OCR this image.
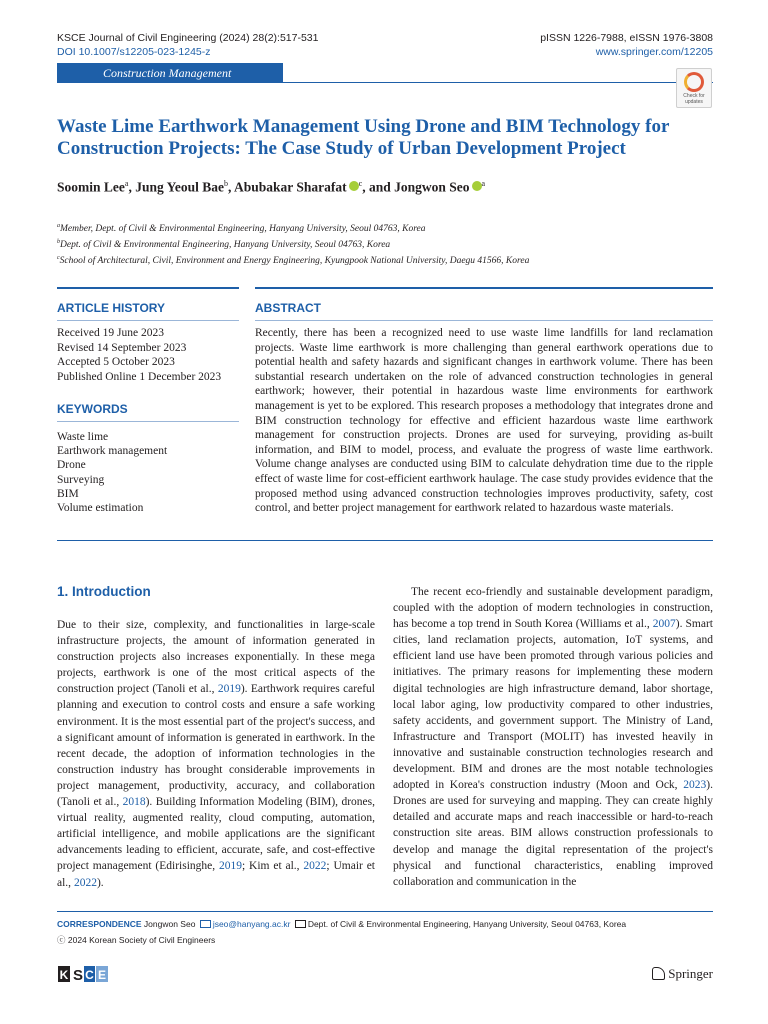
KSCE Journal of Civil Engineering (2024) 28(2):517-531
DOI 10.1007/s12205-023-1245-z
pISSN 1226-7988, eISSN 1976-3808
www.springer.com/12205
Construction Management
Check for updates
Waste Lime Earthwork Management Using Drone and BIM Technology for Construction Projects: The Case Study of Urban Development Project
Soomin Lee$^a$, Jung Yeoul Bae$^b$, Abubakar Sharafat $^c$, and Jongwon Seo $^a$
$^a$Member, Dept. of Civil & Environmental Engineering, Hanyang University, Seoul 04763, Korea
$^b$Dept. of Civil & Environmental Engineering, Hanyang University, Seoul 04763, Korea
$^c$School of Architectural, Civil, Environment and Energy Engineering, Kyungpook National University, Daegu 41566, Korea
ARTICLE HISTORY
Received 19 June 2023
Revised 14 September 2023
Accepted 5 October 2023
Published Online 1 December 2023
KEYWORDS
Waste lime
Earthwork management
Drone
Surveying
BIM
Volume estimation
ABSTRACT
Recently, there has been a recognized need to use waste lime landfills for land reclamation projects. Waste lime earthwork is more challenging than general earthwork operations due to potential health and safety hazards and significant changes in earthwork volume. There has been substantial research undertaken on the role of advanced construction technologies in general earthwork; however, their potential in hazardous waste lime environments for earthwork management is yet to be explored. This research proposes a methodology that integrates drone and BIM construction technology for effective and efficient hazardous waste lime earthwork management for construction projects. Drones are used for surveying, providing as-built information, and BIM to model, process, and evaluate the progress of waste lime earthwork. Volume change analyses are conducted using BIM to calculate dehydration time due to the ripple effect of waste lime for cost-efficient earthwork haulage. The case study provides evidence that the proposed method using advanced construction technologies improves productivity, safety, cost control, and better project management for earthwork related to hazardous waste materials.
1. Introduction
Due to their size, complexity, and functionalities in large-scale infrastructure projects, the amount of information generated in construction projects also increases exponentially. In these mega projects, earthwork is one of the most critical aspects of the construction project (Tanoli et al., 2019). Earthwork requires careful planning and execution to control costs and ensure a safe working environment. It is the most essential part of the project's success, and a significant amount of information is generated in earthwork. In the recent decade, the adoption of information technologies in the construction industry has brought considerable improvements in project management, productivity, accuracy, and collaboration (Tanoli et al., 2018). Building Information Modeling (BIM), drones, virtual reality, augmented reality, cloud computing, automation, artificial intelligence, and mobile applications are the significant advancements leading to efficient, accurate, safe, and cost-effective project management (Edirisinghe, 2019; Kim et al., 2022; Umair et al., 2022).
The recent eco-friendly and sustainable development paradigm, coupled with the adoption of modern technologies in construction, has become a top trend in South Korea (Williams et al., 2007). Smart cities, land reclamation projects, automation, IoT systems, and efficient land use have been promoted through various policies and initiatives. The primary reasons for implementing these modern digital technologies are high infrastructure demand, labor shortage, local labor aging, low productivity compared to other industries, safety accidents, and government support. The Ministry of Land, Infrastructure and Transport (MOLIT) has invested heavily in innovative and sustainable construction technologies research and development. BIM and drones are the most notable technologies adopted in Korea's construction industry (Moon and Ock, 2023). Drones are used for surveying and mapping. They can create highly detailed and accurate maps and reach inaccessible or hard-to-reach construction site areas. BIM allows construction professionals to develop and manage the digital representation of the project's physical and functional characteristics, enabling improved collaboration and communication in the
CORRESPONDENCE Jongwon Seo jseo@hanyang.ac.kr Dept. of Civil & Environmental Engineering, Hanyang University, Seoul 04763, Korea
ⓒ 2024 Korean Society of Civil Engineers
K S C E	Springer
